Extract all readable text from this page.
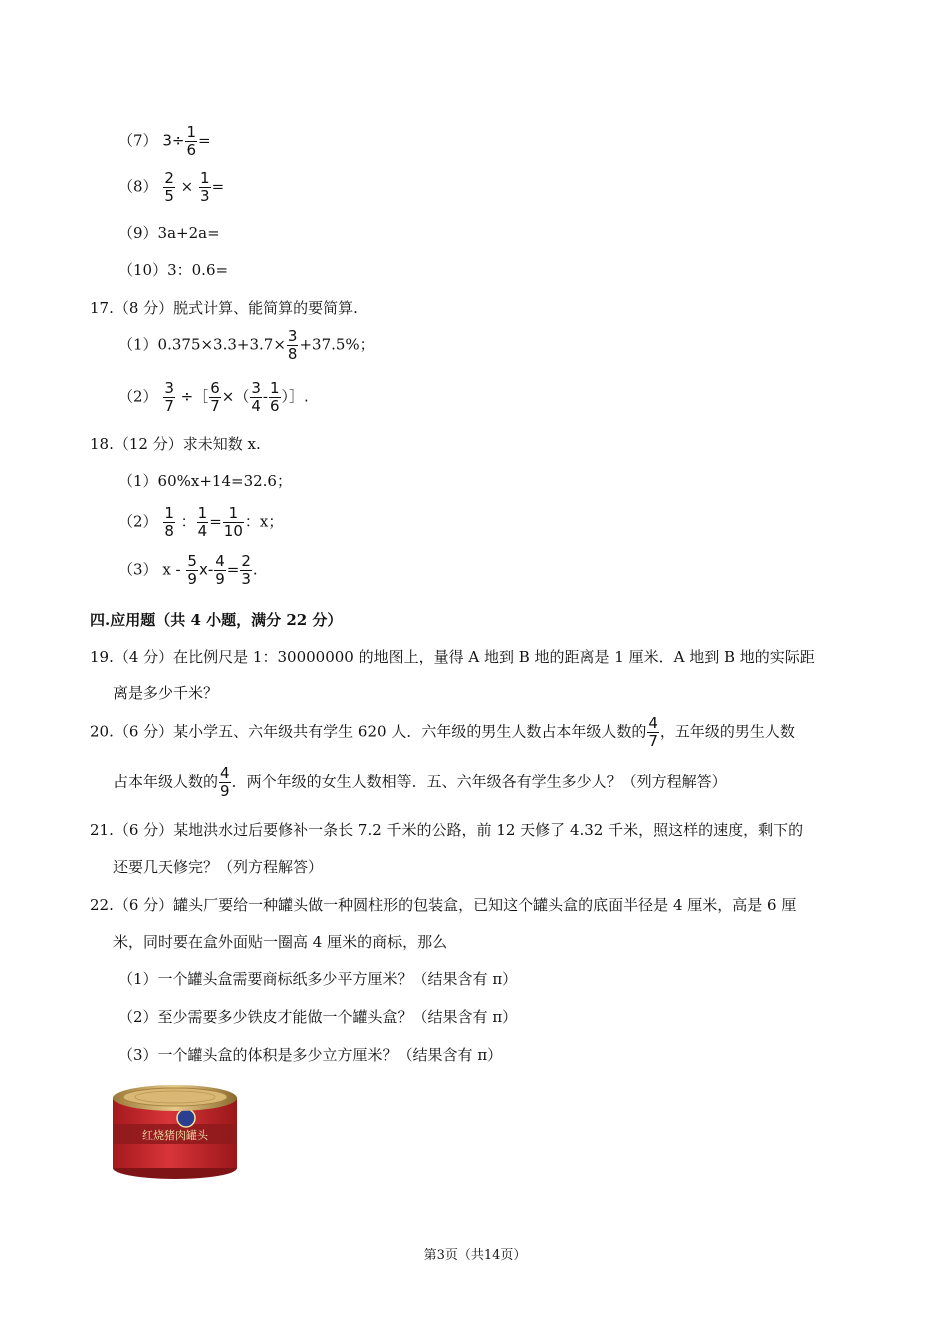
（7） $3\div \frac{1}{6}$ =
$(8) \frac{2}{5} \times \frac{1}{3}$ =
（9）3a+2a=
（10）3：0.6=
17.（8 分）脱式计算、能简算的要简算.
$(1)0.375\times 3.3+3.7\times \frac{3}{8} +37.5\%$；
$(2) \frac{3}{7}$ ÷［ $\frac{6}{7}$ ×（ $\frac{3}{4} - \frac{1}{6}$ ）］.
18.（12 分）求未知数 x.
（1）60%x+14=32.6；
$(2) \frac{1}{8}$ ： $\frac{1}{4} = \frac{1}{10}$ ：x；
（3） $x - \frac{5}{9} x- \frac{4}{9} = \frac{2}{3}$ .
四.应用题（共 4 小题，满分 22 分）
19.（4 分）在比例尺是 1：30000000 的地图上，量得 A 地到 B 地的距离是 1 厘米．A 地到 B 地的实际距
离是多少千米？
20.（6 分）某小学五、六年级共有学生 620 人．六年级的男生人数占本年级人数的 $\frac{4}{7}$ ，五年级的男生人数
占本年级人数的 $\frac{4}{9}$ ．两个年级的女生人数相等．五、六年级各有学生多少人？（列方程解答）
21.（6 分）某地洪水过后要修补一条长 7.2 千米的公路，前 12 天修了 4.32 千米，照这样的速度，剩下的
还要几天修完？（列方程解答）
22.（6 分）罐头厂要给一种罐头做一种圆柱形的包装盒，已知这个罐头盒的底面半径是 4 厘米，高是 6 厘
米，同时要在盒外面贴一圈高 4 厘米的商标，那么
（1）一个罐头盒需要商标纸多少平方厘米？（结果含有 π）
（2）至少需要多少铁皮才能做一个罐头盒？（结果含有 π）
（3）一个罐头盒的体积是多少立方厘米？（结果含有 π）
红烧猪肉罐头
第3页（共14页）
